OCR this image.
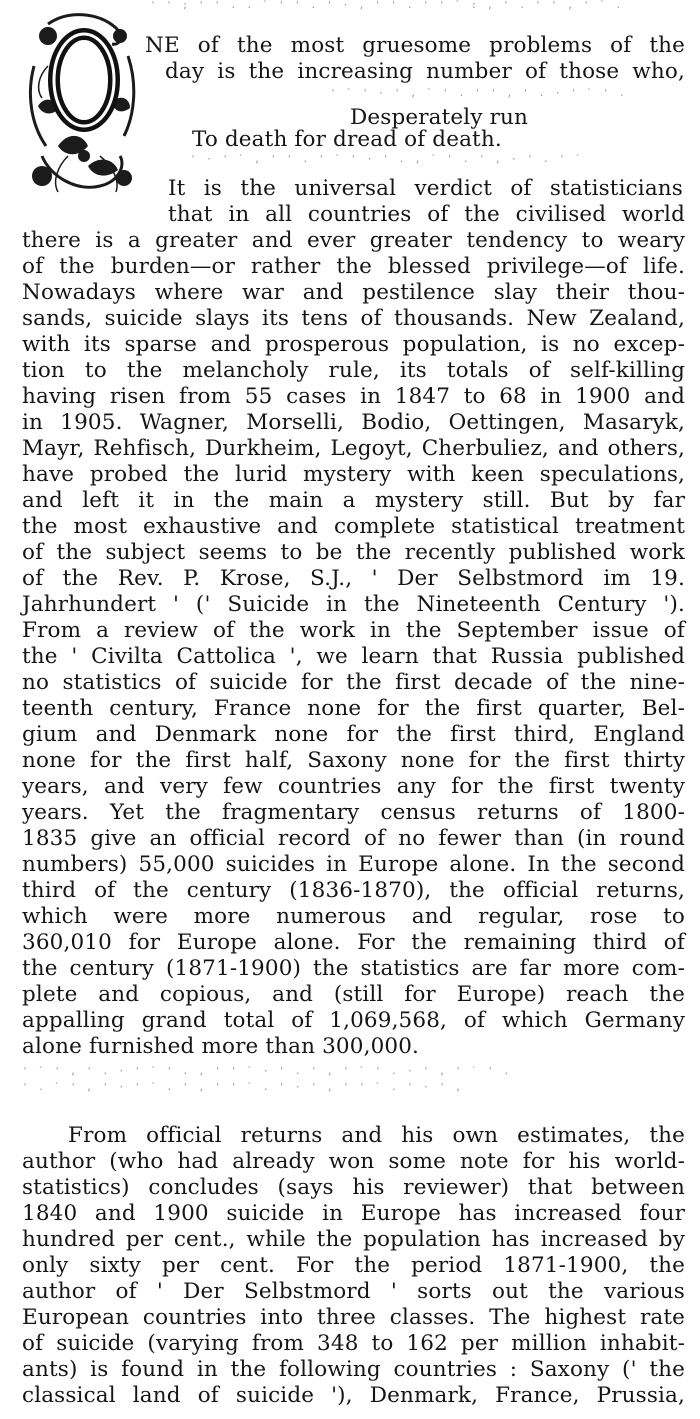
' ' ; ' ' . . ` ' ' . ' · , ' ' . ' ' ` : , ' . ' ' , ' ` .
NE of the most gruesome problems of the
day is the increasing number of those who,
' ` ' · ' , ` ' . ' ' , ' . · ' ` ' .
Desperately run
To death for dread of death.
' · ' ` , ' ' . ' ` ' · ' . , ` ' . ' , · ' . ' `
It is the universal verdict of statisticians
that in all countries of the civilised world
there is a greater and ever greater tendency to weary
of the burden—or rather the blessed privilege—of life.
Nowadays where war and pestilence slay their thou-
sands, suicide slays its tens of thousands. New Zealand,
with its sparse and prosperous population, is no excep-
tion to the melancholy rule, its totals of self-killing
having risen from 55 cases in 1847 to 68 in 1900 and
in 1905. Wagner, Morselli, Bodio, Oettingen, Masaryk,
Mayr, Rehfisch, Durkheim, Legoyt, Cherbuliez, and others,
have probed the lurid mystery with keen speculations,
and left it in the main a mystery still. But by far
the most exhaustive and complete statistical treatment
of the subject seems to be the recently published work
of the Rev. P. Krose, S.J., ' Der Selbstmord im 19.
Jahrhundert ' (' Suicide in the Nineteenth Century ').
From a review of the work in the September issue of
the ' Civilta Cattolica ', we learn that Russia published
no statistics of suicide for the first decade of the nine-
teenth century, France none for the first quarter, Bel-
gium and Denmark none for the first third, England
none for the first half, Saxony none for the first thirty
years, and very few countries any for the first twenty
years. Yet the fragmentary census returns of 1800-
1835 give an official record of no fewer than (in round
numbers) 55,000 suicides in Europe alone. In the second
third of the century (1836-1870), the official returns,
which were more numerous and regular, rose to
360,010 for Europe alone. For the remaining third of
the century (1871-1900) the statistics are far more com-
plete and copious, and (still for Europe) reach the
appalling grand total of 1,069,568, of which Germany
alone furnished more than 300,000.
' ` ' , ' . · ' ` ' . , ' ' ` · ' . ' , ' ` ' . · ' , ' ` ' .
' . ` ' , ' · ' ` . ' , ' ' ` . ' · ' , ' ' ` . ' · ' ,
From official returns and his own estimates, the
author (who had already won some note for his world-
statistics) concludes (says his reviewer) that between
1840 and 1900 suicide in Europe has increased four
hundred per cent., while the population has increased by
only sixty per cent. For the period 1871-1900, the
author of ' Der Selbstmord ' sorts out the various
European countries into three classes. The highest rate
of suicide (varying from 348 to 162 per million inhabit-
ants) is found in the following countries : Saxony (' the
classical land of suicide '), Denmark, France, Prussia,
